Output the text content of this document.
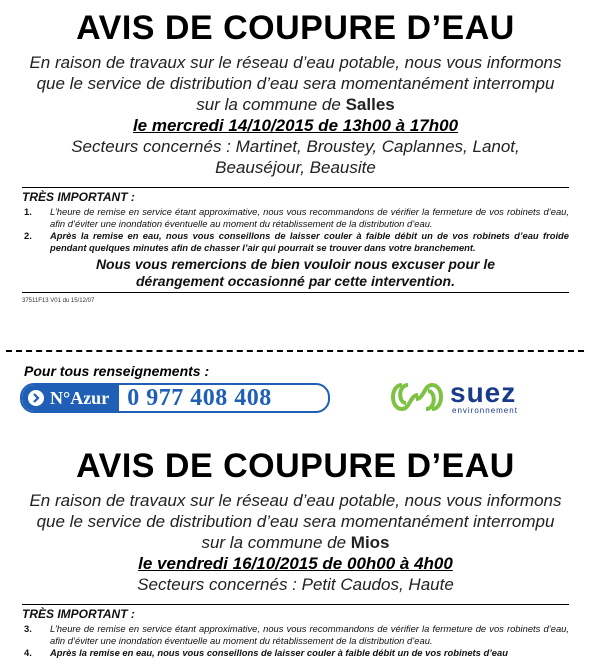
AVIS DE COUPURE D’EAU

En raison de travaux sur le réseau d’eau potable, nous vous informons que le service de distribution d’eau sera momentanément interrompu sur la commune de Salles

le mercredi 14/10/2015 de 13h00 à 17h00
Secteurs concernés : Martinet, Broustey, Caplannes, Lanot, Beauséjour, Beausite
TRÈS IMPORTANT :
1. L’heure de remise en service étant approximative, nous vous recommandons de vérifier la fermeture de vos robinets d’eau, afin d’éviter une inondation éventuelle au moment du rétablissement de la distribution d’eau.
2. Après la remise en eau, nous vous conseillons de laisser couler à faible débit un de vos robinets d’eau froide pendant quelques minutes afin de chasser l’air qui pourrait se trouver dans votre branchement.
Nous vous remercions de bien vouloir nous excuser pour le dérangement occasionné par cette intervention.
37511F13 V01 du 15/12/07
Pour tous renseignements :
N°Azur 0 977 408 408	suez
environnement
AVIS DE COUPURE D’EAU

En raison de travaux sur le réseau d’eau potable, nous vous informons que le service de distribution d’eau sera momentanément interrompu sur la commune de Mios

le vendredi 16/10/2015 de 00h00 à 4h00
Secteurs concernés : Petit Caudos, Haute
TRÈS IMPORTANT :
3. L’heure de remise en service étant approximative, nous vous recommandons de vérifier la fermeture de vos robinets d’eau, afin d’éviter une inondation éventuelle au moment du rétablissement de la distribution d’eau.
4. Après la remise en eau, nous vous conseillons de laisser couler à faible débit un de vos robinets d’eau
